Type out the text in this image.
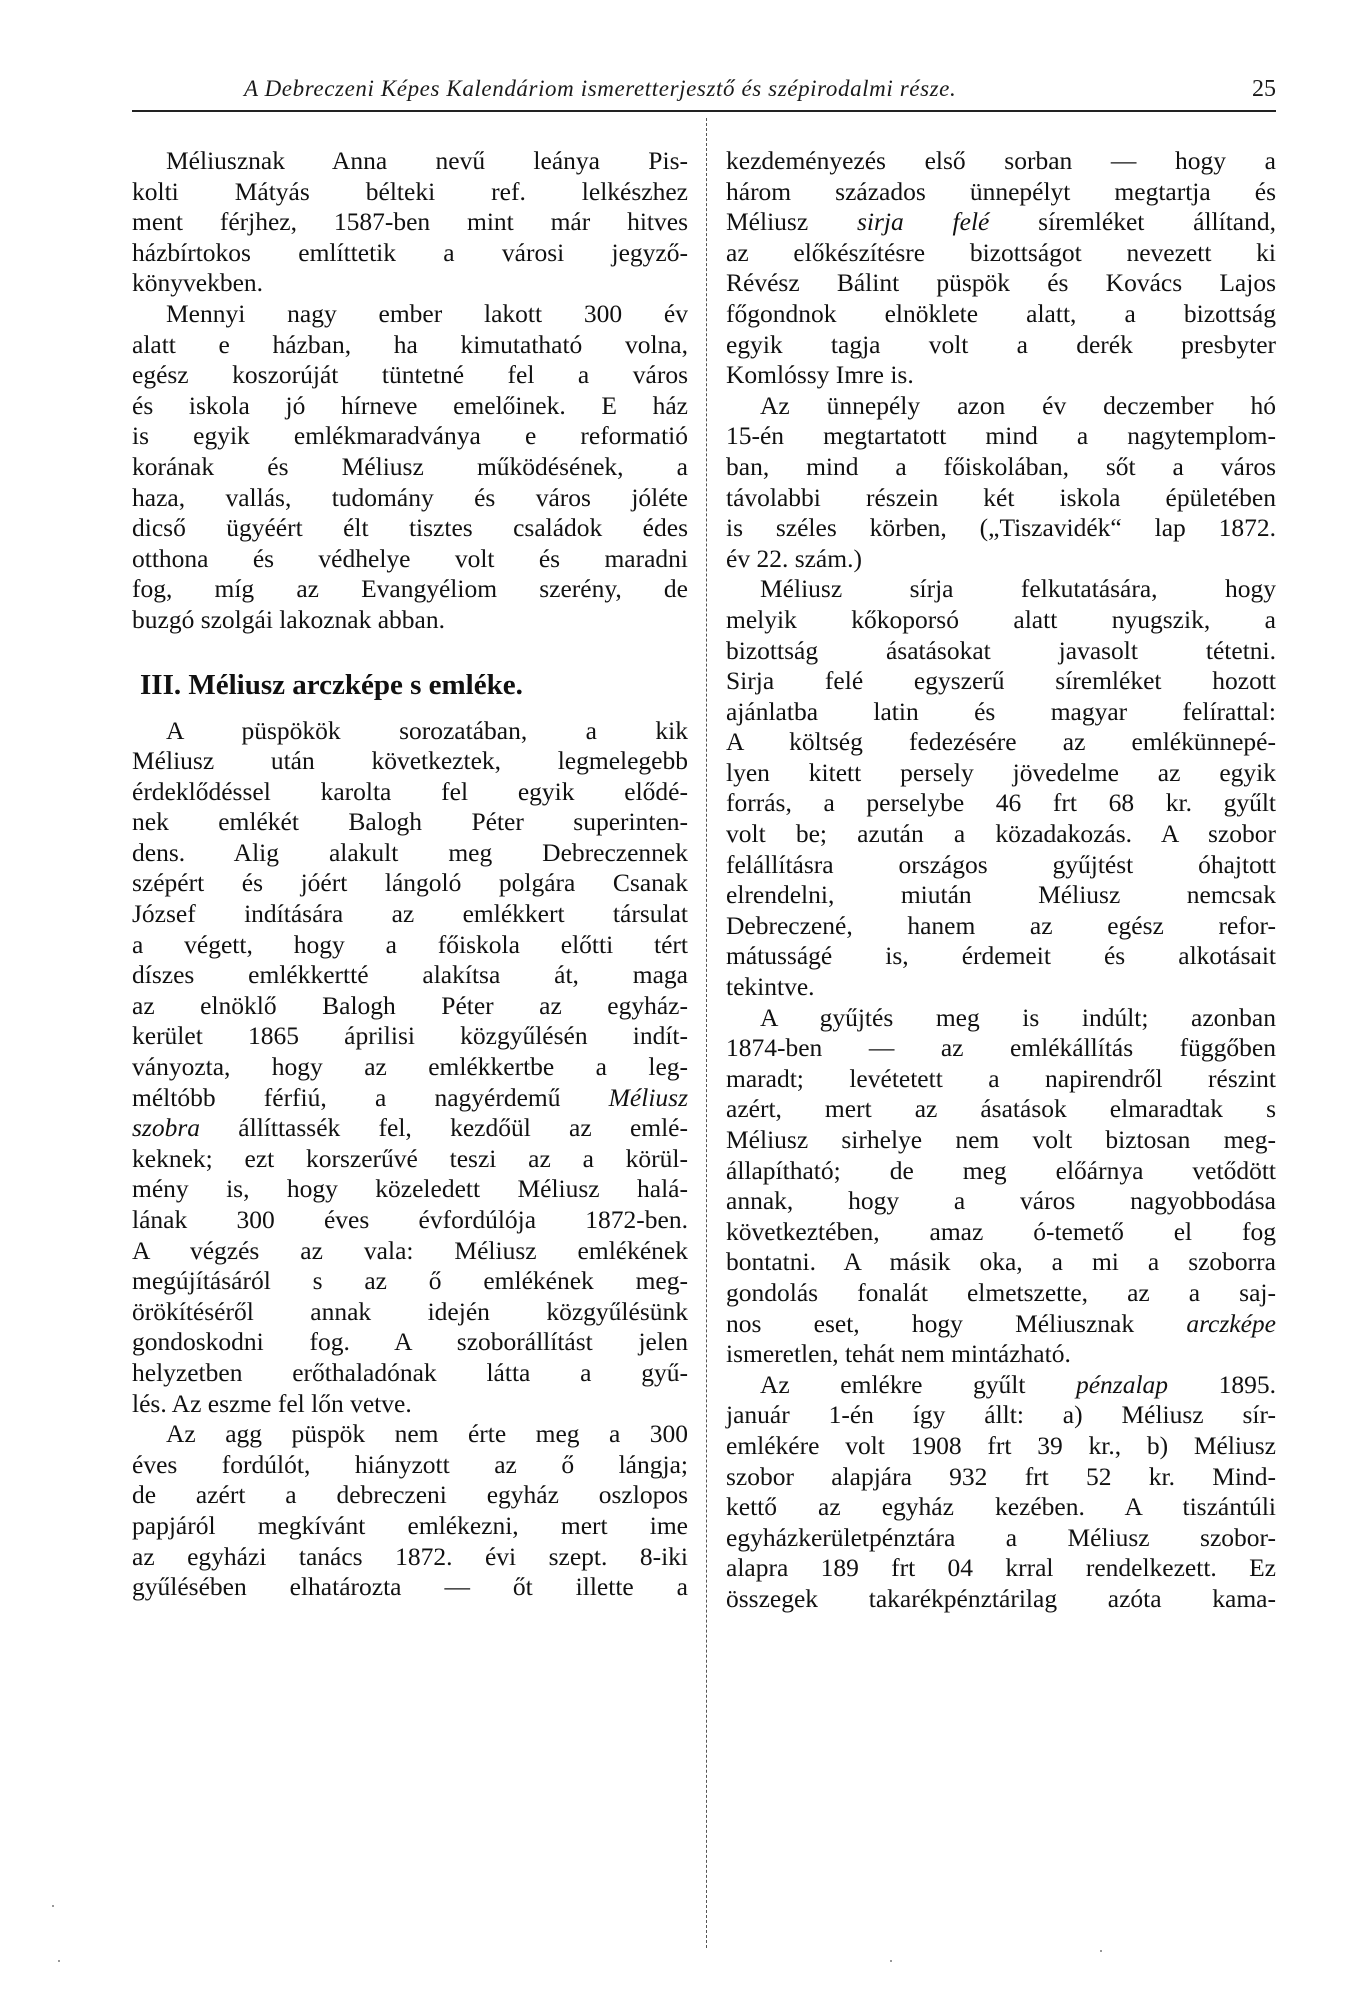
A Debreczeni Képes Kalendáriom ismeretterjesztő és szépirodalmi része.	25
Méliusznak Anna nevű leánya Pis-
kolti Mátyás bélteki ref. lelkészhez
ment férjhez, 1587-ben mint már hitves
házbírtokos említtetik a városi jegyző-
könyvekben.
Mennyi nagy ember lakott 300 év
alatt e házban, ha kimutatható volna,
egész koszorúját tüntetné fel a város
és iskola jó hírneve emelőinek. E ház
is egyik emlékmaradványa e reformatió
korának és Méliusz működésének, a
haza, vallás, tudomány és város jóléte
dicső ügyéért élt tisztes családok édes
otthona és védhelye volt és maradni
fog, míg az Evangyéliom szerény, de
buzgó szolgái lakoznak abban.
III. Méliusz arczképe s emléke.
A püspökök sorozatában, a kik
Méliusz után következtek, legmelegebb
érdeklődéssel karolta fel egyik elődé-
nek emlékét Balogh Péter superinten-
dens. Alig alakult meg Debreczennek
szépért és jóért lángoló polgára Csanak
József indítására az emlékkert társulat
a végett, hogy a főiskola előtti tért
díszes emlékkertté alakítsa át, maga
az elnöklő Balogh Péter az egyház-
kerület 1865 áprilisi közgyűlésén indít-
ványozta, hogy az emlékkertbe a leg-
méltóbb férfiú, a nagyérdemű Méliusz
szobra állíttassék fel, kezdőül az emlé-
keknek; ezt korszerűvé teszi az a körül-
mény is, hogy közeledett Méliusz halá-
lának 300 éves évfordúlója 1872-ben.
A végzés az vala: Méliusz emlékének
megújításáról s az ő emlékének meg-
örökítéséről annak idején közgyűlésünk
gondoskodni fog. A szoborállítást jelen
helyzetben erőthaladónak látta a gyű-
lés. Az eszme fel lőn vetve.
Az agg püspök nem érte meg a 300
éves fordúlót, hiányzott az ő lángja;
de azért a debreczeni egyház oszlopos
papjáról megkívánt emlékezni, mert ime
az egyházi tanács 1872. évi szept. 8-iki
gyűlésében elhatározta — őt illette a
kezdeményezés első sorban — hogy a
három százados ünnepélyt megtartja és
Méliusz sirja felé síremléket állítand,
az előkészítésre bizottságot nevezett ki
Révész Bálint püspök és Kovács Lajos
főgondnok elnöklete alatt, a bizottság
egyik tagja volt a derék presbyter
Komlóssy Imre is.
Az ünnepély azon év deczember hó
15-én megtartatott mind a nagytemplom-
ban, mind a főiskolában, sőt a város
távolabbi részein két iskola épületében
is széles körben, („Tiszavidék“ lap 1872.
év 22. szám.)
Méliusz sírja felkutatására, hogy
melyik kőkoporsó alatt nyugszik, a
bizottság ásatásokat javasolt tétetni.
Sirja felé egyszerű síremléket hozott
ajánlatba latin és magyar felírattal:
A költség fedezésére az emlékünnepé-
lyen kitett persely jövedelme az egyik
forrás, a perselybe 46 frt 68 kr. gyűlt
volt be; azután a közadakozás. A szobor
felállításra országos gyűjtést óhajtott
elrendelni, miután Méliusz nemcsak
Debreczené, hanem az egész refor-
mátusságé is, érdemeit és alkotásait
tekintve.
A gyűjtés meg is indúlt; azonban
1874-ben — az emlékállítás függőben
maradt; levétetett a napirendről részint
azért, mert az ásatások elmaradtak s
Méliusz sirhelye nem volt biztosan meg-
állapítható; de meg előárnya vetődött
annak, hogy a város nagyobbodása
következtében, amaz ó-temető el fog
bontatni. A másik oka, a mi a szoborra
gondolás fonalát elmetszette, az a saj-
nos eset, hogy Méliusznak arczképe
ismeretlen, tehát nem mintázható.
Az emlékre gyűlt pénzalap 1895.
január 1-én így állt: a) Méliusz sír-
emlékére volt 1908 frt 39 kr., b) Méliusz
szobor alapjára 932 frt 52 kr. Mind-
kettő az egyház kezében. A tiszántúli
egyházkerületpénztára a Méliusz szobor-
alapra 189 frt 04 krral rendelkezett. Ez
összegek takarékpénztárilag azóta kama-
